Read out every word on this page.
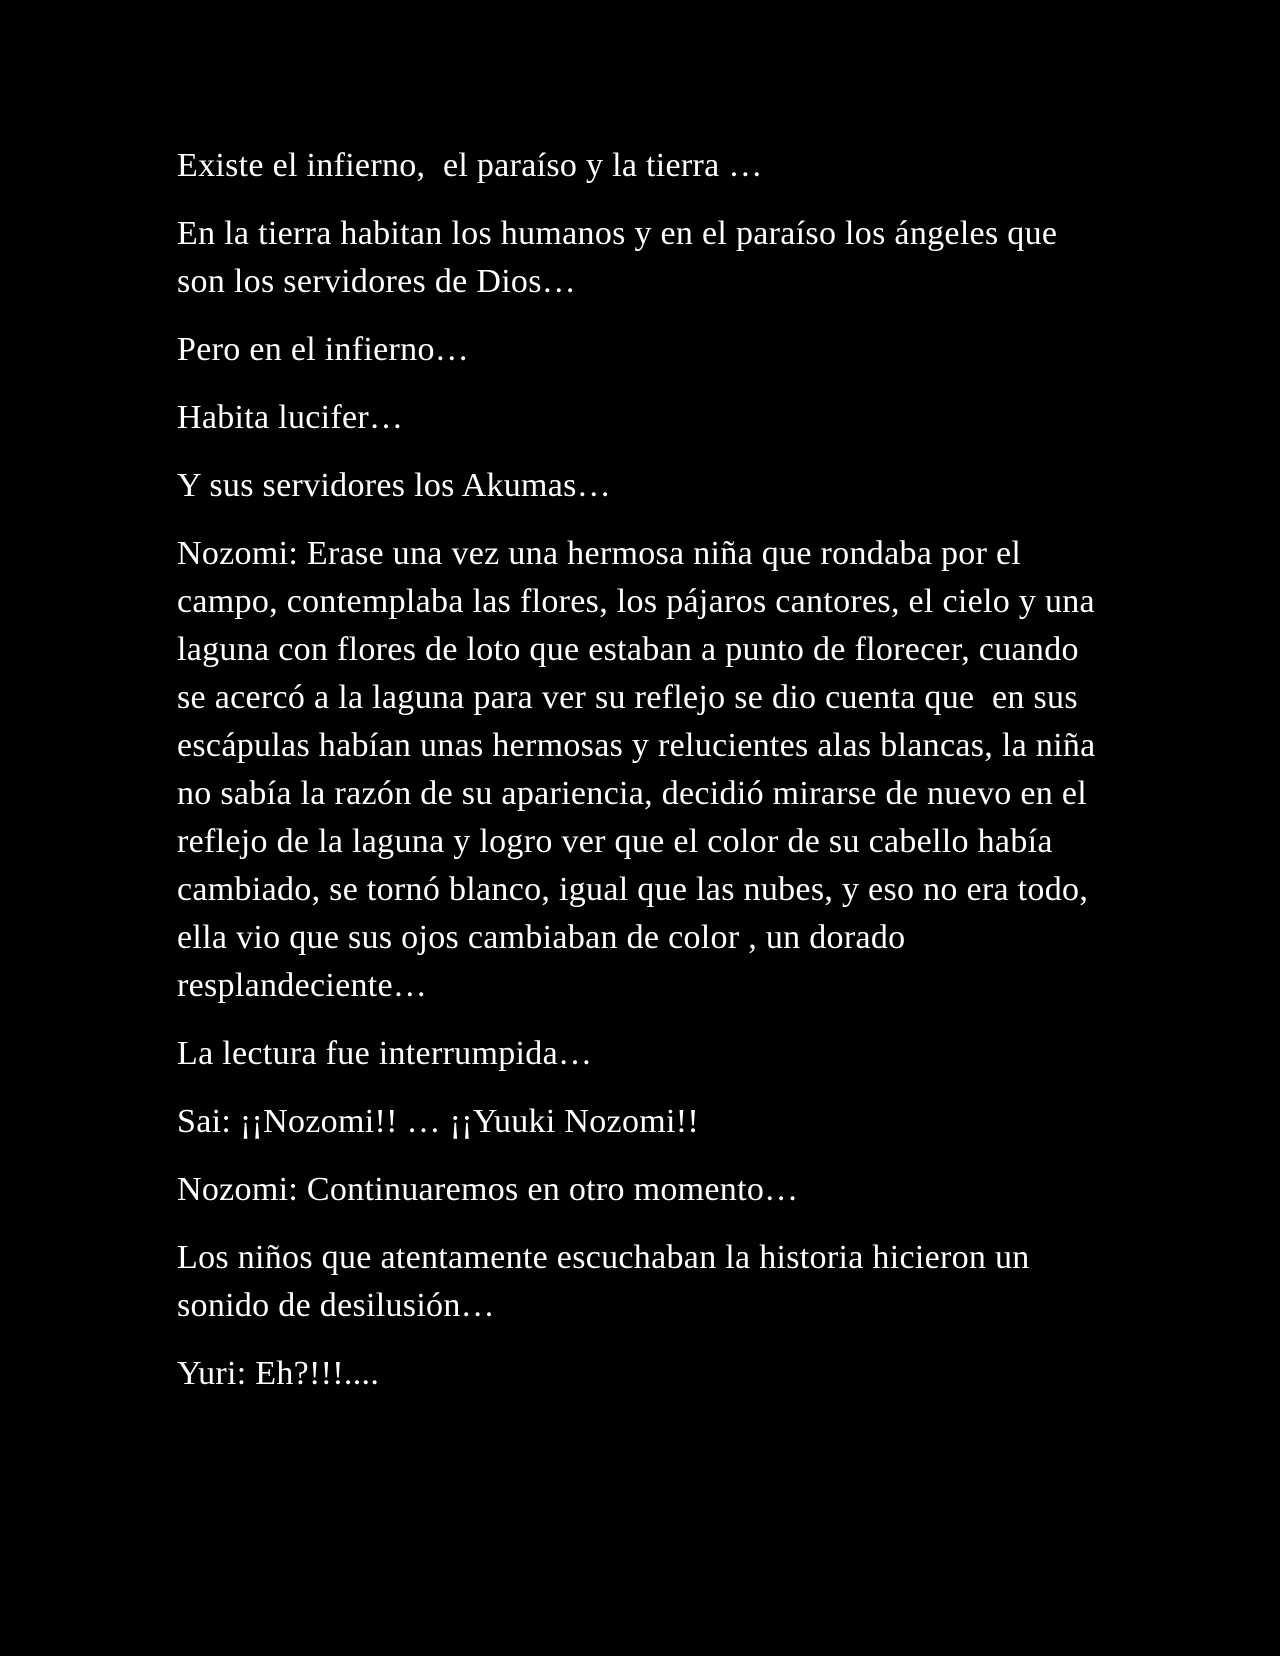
Existe el infierno,  el paraíso y la tierra …

En la tierra habitan los humanos y en el paraíso los ángeles que son los servidores de Dios…

Pero en el infierno…

Habita lucifer…

Y sus servidores los Akumas…

Nozomi: Erase una vez una hermosa niña que rondaba por el campo, contemplaba las flores, los pájaros cantores, el cielo y una laguna con flores de loto que estaban a punto de florecer, cuando se acercó a la laguna para ver su reflejo se dio cuenta que  en sus escápulas habían unas hermosas y relucientes alas blancas, la niña no sabía la razón de su apariencia, decidió mirarse de nuevo en el reflejo de la laguna y logro ver que el color de su cabello había cambiado, se tornó blanco, igual que las nubes, y eso no era todo, ella vio que sus ojos cambiaban de color , un dorado resplandeciente…

La lectura fue interrumpida…

Sai: ¡¡Nozomi!! … ¡¡Yuuki Nozomi!!

Nozomi: Continuaremos en otro momento…

Los niños que atentamente escuchaban la historia hicieron un sonido de desilusión…

Yuri: Eh?!!!....
